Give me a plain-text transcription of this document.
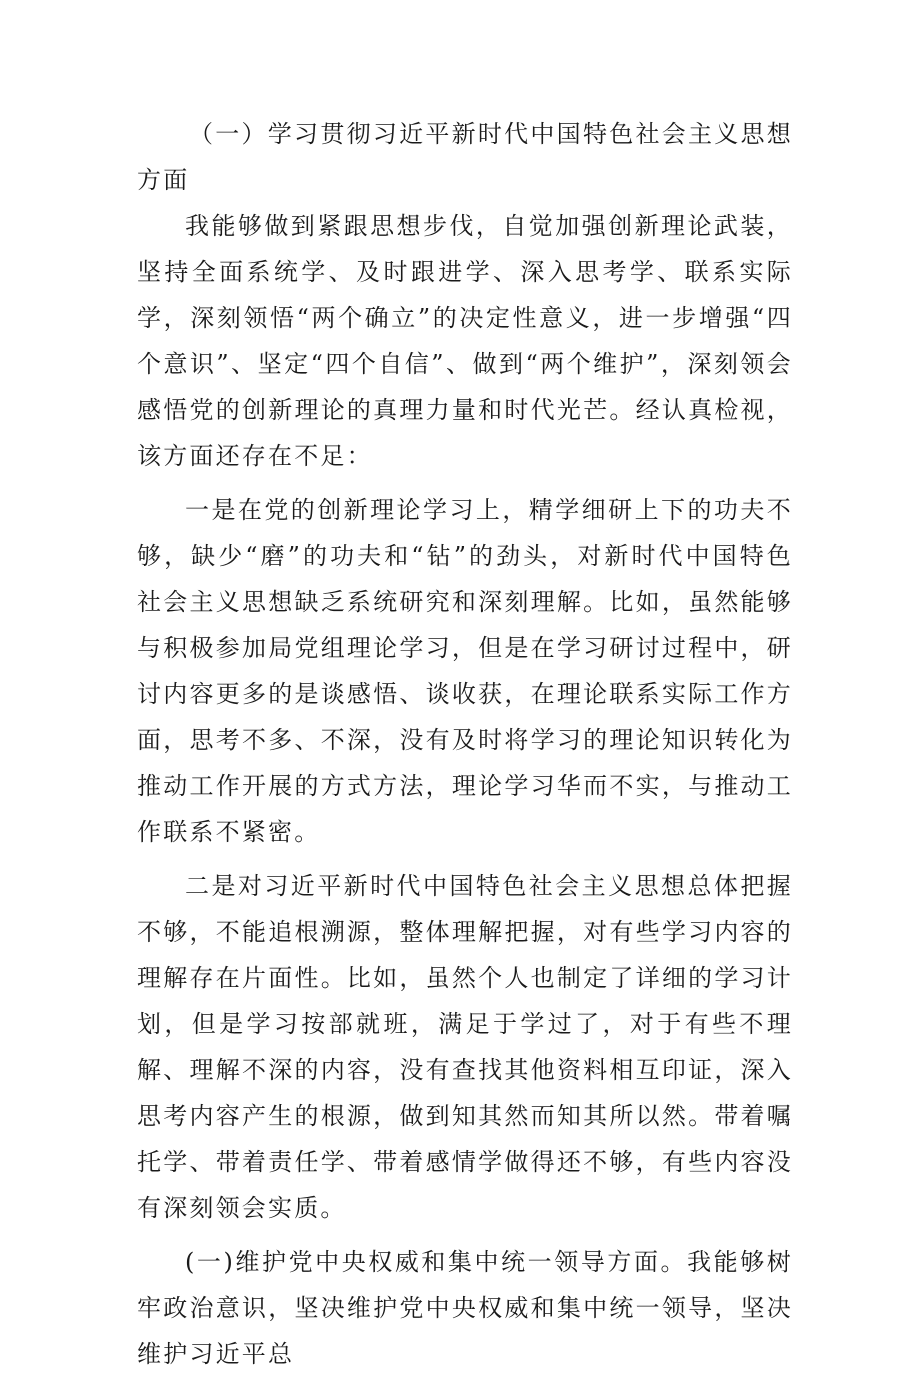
（一）学习贯彻习近平新时代中国特色社会主义思想方面

我能够做到紧跟思想步伐，自觉加强创新理论武装，坚持全面系统学、及时跟进学、深入思考学、联系实际学，深刻领悟“两个确立”的决定性意义，进一步增强“四个意识”、坚定“四个自信”、做到“两个维护”，深刻领会感悟党的创新理论的真理力量和时代光芒。经认真检视，该方面还存在不足：

一是在党的创新理论学习上，精学细研上下的功夫不够，缺少“磨”的功夫和“钻”的劲头，对新时代中国特色社会主义思想缺乏系统研究和深刻理解。比如，虽然能够与积极参加局党组理论学习，但是在学习研讨过程中，研讨内容更多的是谈感悟、谈收获，在理论联系实际工作方面，思考不多、不深，没有及时将学习的理论知识转化为推动工作开展的方式方法，理论学习华而不实，与推动工作联系不紧密。

二是对习近平新时代中国特色社会主义思想总体把握不够，不能追根溯源，整体理解把握，对有些学习内容的理解存在片面性。比如，虽然个人也制定了详细的学习计划，但是学习按部就班，满足于学过了，对于有些不理解、理解不深的内容，没有查找其他资料相互印证，深入思考内容产生的根源，做到知其然而知其所以然。带着嘱托学、带着责任学、带着感情学做得还不够，有些内容没有深刻领会实质。

(一)维护党中央权威和集中统一领导方面。我能够树牢政治意识，坚决维护党中央权威和集中统一领导，坚决维护习近平总
